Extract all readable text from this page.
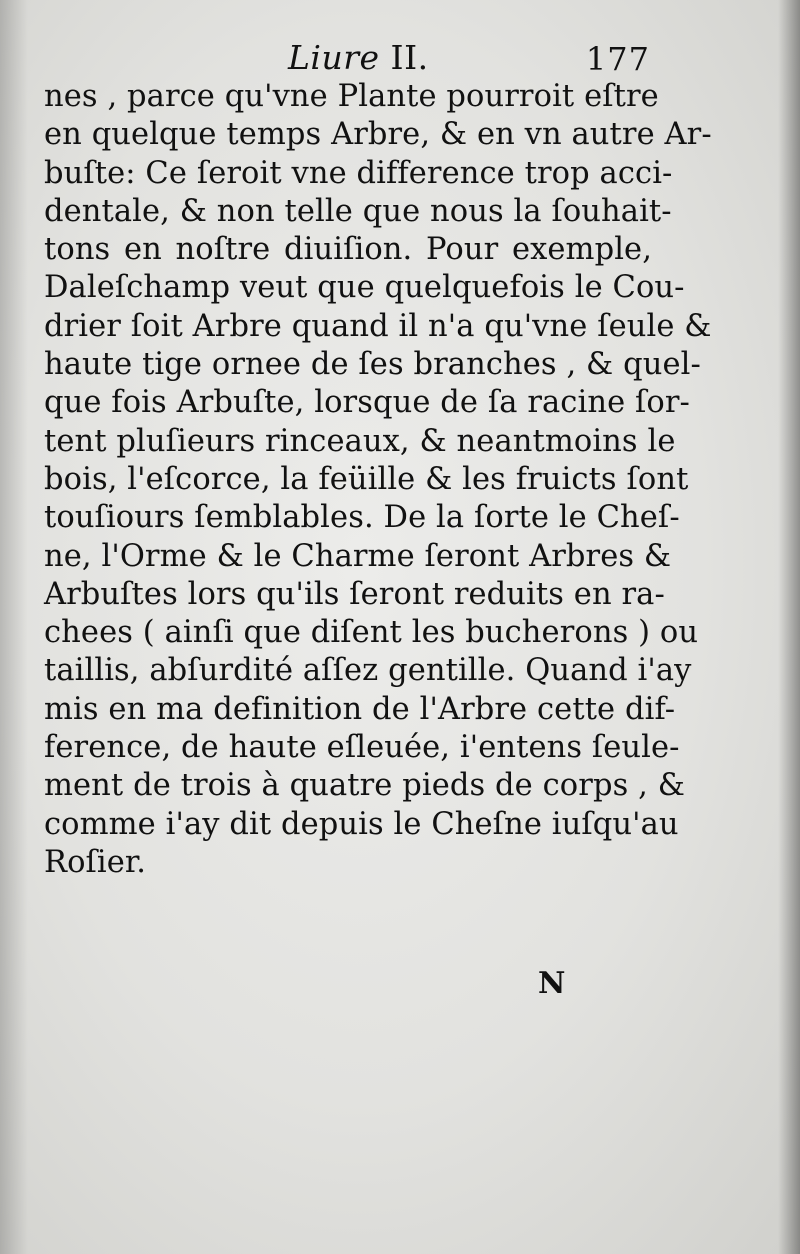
Liure II.	177
nes , parce qu'vne Plante pourroit eſtre
en quelque temps Arbre, & en vn autre Ar-
buſte: Ce ſeroit vne difference trop acci-
dentale, & non telle que nous la ſouhait-
tons en noſtre diuiſion. Pour exemple,
Daleſchamp veut que quelquefois le Cou-
drier ſoit Arbre quand il n'a qu'vne ſeule &
haute tige ornee de ſes branches , & quel-
que fois Arbuſte, lorsque de ſa racine ſor-
tent pluſieurs rinceaux, & neantmoins le
bois, l'eſcorce, la feüille & les fruicts ſont
touſiours ſemblables. De la ſorte le Cheſ-
ne, l'Orme & le Charme ſeront Arbres &
Arbuſtes lors qu'ils ſeront reduits en ra-
chees ( ainſi que diſent les bucherons ) ou
taillis, abſurdité aſſez gentille. Quand i'ay
mis en ma definition de l'Arbre cette dif-
ference, de haute eſleuée, i'entens ſeule-
ment de trois à quatre pieds de corps , &
comme i'ay dit depuis le Cheſne iuſqu'au
Roſier.
N
